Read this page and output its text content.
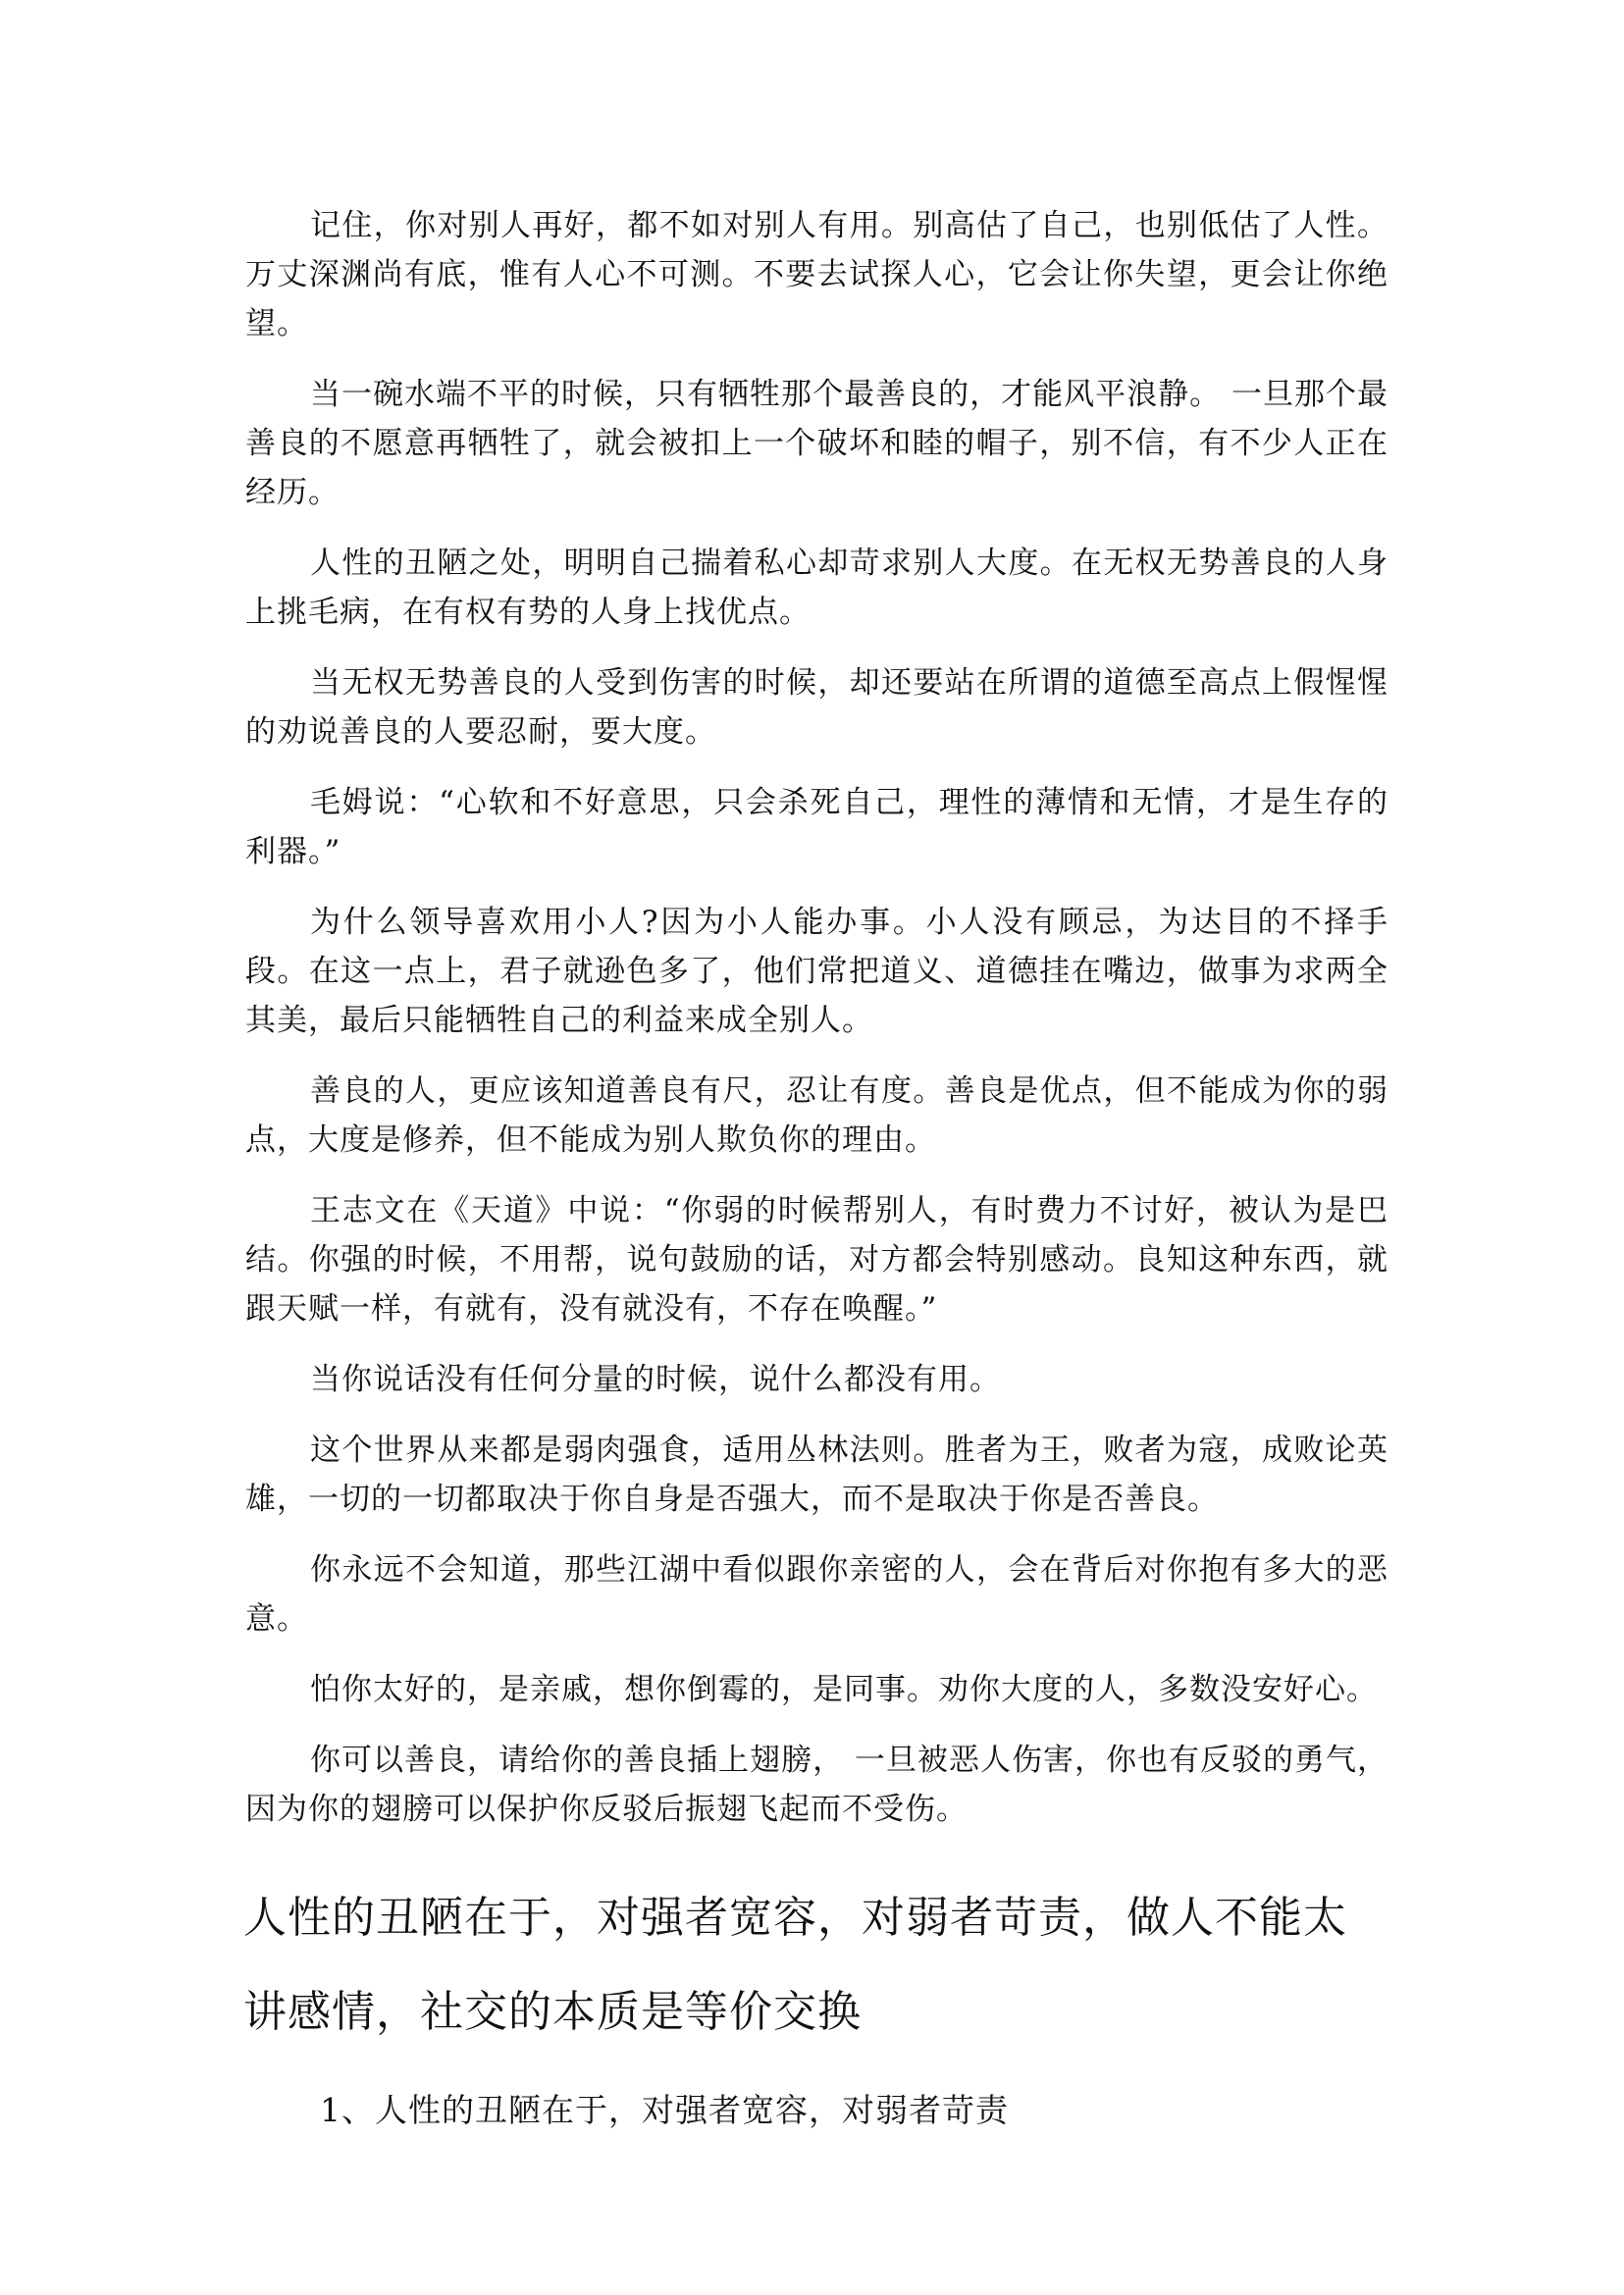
记住，你对别人再好，都不如对别人有用。别高估了自己，也别低估了人性。万丈深渊尚有底，惟有人心不可测。不要去试探人心，它会让你失望，更会让你绝望。

当一碗水端不平的时候，只有牺牲那个最善良的，才能风平浪静。 一旦那个最善良的不愿意再牺牲了，就会被扣上一个破坏和睦的帽子，别不信，有不少人正在经历。

人性的丑陋之处，明明自己揣着私心却苛求别人大度。在无权无势善良的人身上挑毛病，在有权有势的人身上找优点。

当无权无势善良的人受到伤害的时候，却还要站在所谓的道德至高点上假惺惺的劝说善良的人要忍耐，要大度。

毛姆说：“心软和不好意思，只会杀死自己，理性的薄情和无情，才是生存的利器。”

为什么领导喜欢用小人?因为小人能办事。小人没有顾忌，为达目的不择手段。在这一点上，君子就逊色多了，他们常把道义、道德挂在嘴边，做事为求两全其美，最后只能牺牲自己的利益来成全别人。

善良的人，更应该知道善良有尺，忍让有度。善良是优点，但不能成为你的弱点，大度是修养，但不能成为别人欺负你的理由。

王志文在《天道》中说：“你弱的时候帮别人，有时费力不讨好，被认为是巴结。你强的时候，不用帮，说句鼓励的话，对方都会特别感动。良知这种东西，就跟天赋一样，有就有，没有就没有，不存在唤醒。”

当你说话没有任何分量的时候，说什么都没有用。

这个世界从来都是弱肉强食，适用丛林法则。胜者为王，败者为寇，成败论英雄，一切的一切都取决于你自身是否强大，而不是取决于你是否善良。

你永远不会知道，那些江湖中看似跟你亲密的人，会在背后对你抱有多大的恶意。

怕你太好的，是亲戚，想你倒霉的，是同事。劝你大度的人，多数没安好心。

你可以善良，请给你的善良插上翅膀， 一旦被恶人伤害，你也有反驳的勇气，因为你的翅膀可以保护你反驳后振翅飞起而不受伤。

人性的丑陋在于，对强者宽容，对弱者苛责，做人不能太讲感情，社交的本质是等价交换
1、人性的丑陋在于，对强者宽容，对弱者苛责
